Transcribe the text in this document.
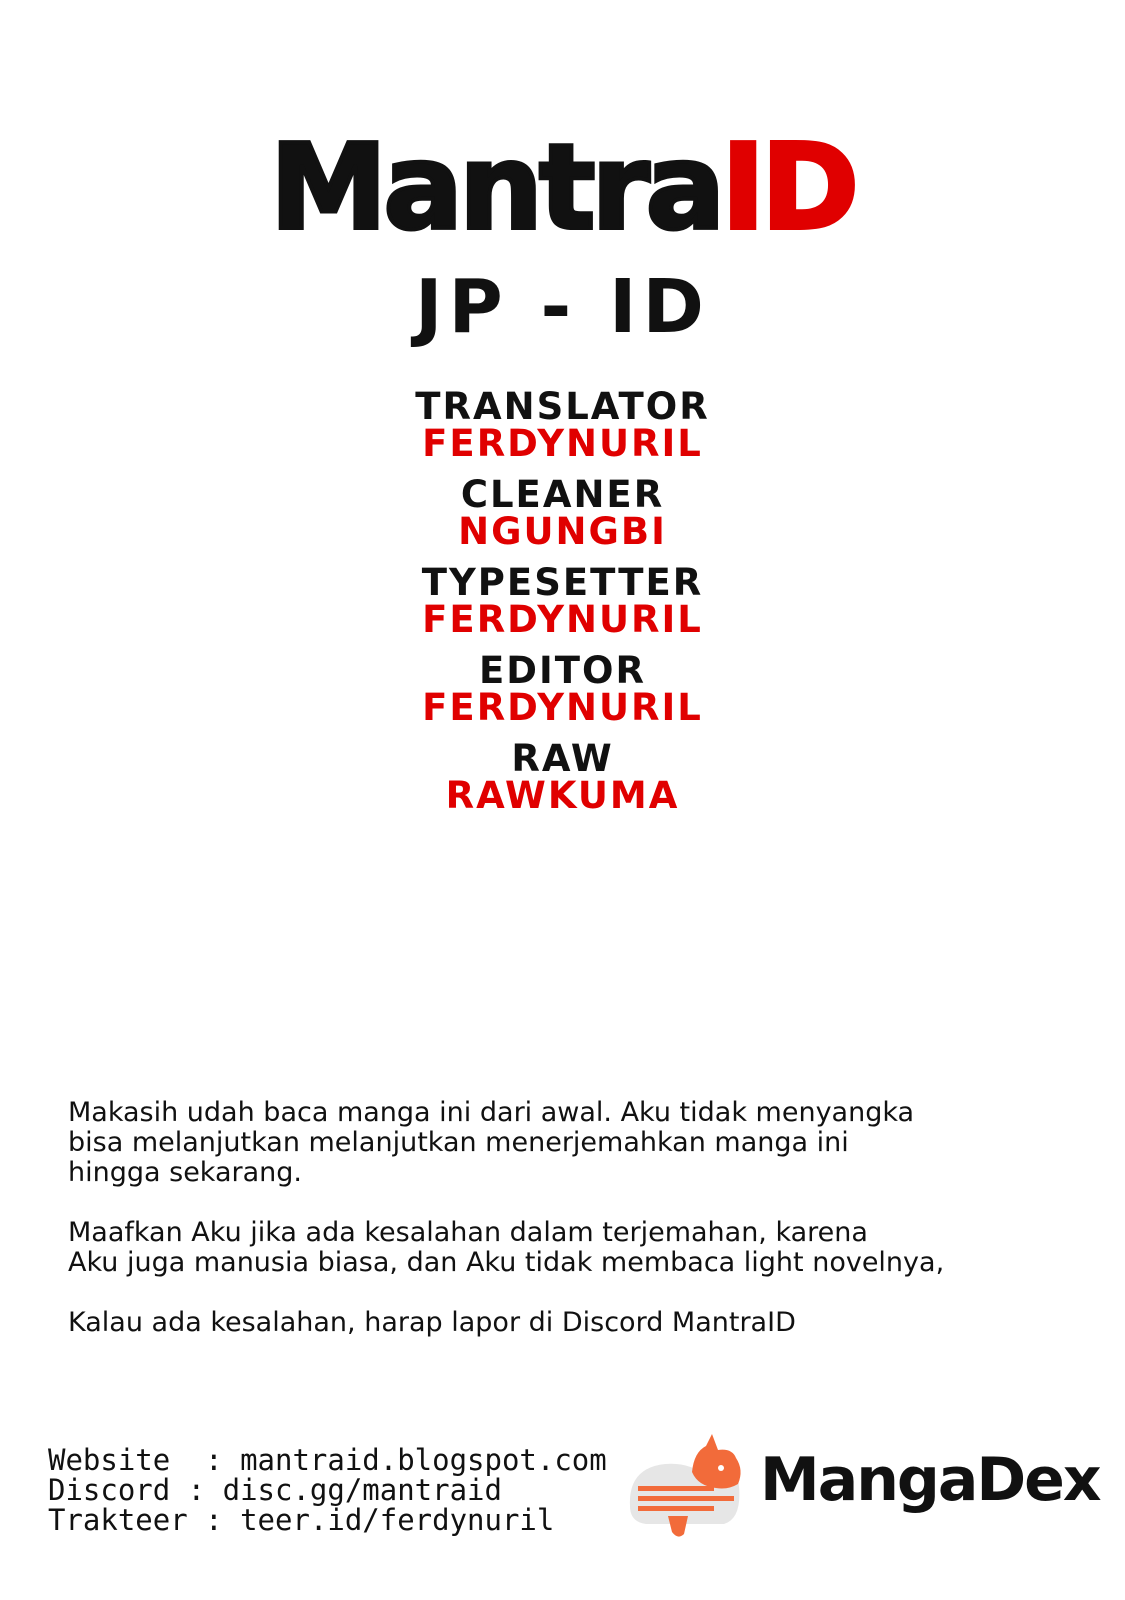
MantraID
JP - ID
TRANSLATOR
FERDYNURIL
CLEANER
NGUNGBI
TYPESETTER
FERDYNURIL
EDITOR
FERDYNURIL
RAW
RAWKUMA

Makasih udah baca manga ini dari awal. Aku tidak menyangka
bisa melanjutkan melanjutkan menerjemahkan manga ini
hingga sekarang.

Maafkan Aku jika ada kesalahan dalam terjemahan, karena
Aku juga manusia biasa, dan Aku tidak membaca light novelnya,

Kalau ada kesalahan, harap lapor di Discord MantraID

Website  : mantraid.blogspot.com
Discord : disc.gg/mantraid
Trakteer : teer.id/ferdynuril
MangaDex
